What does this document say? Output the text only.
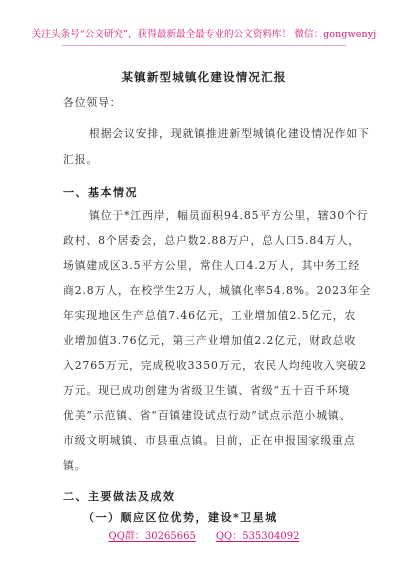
关注头条号“公文研究”，获得最新最全最专业的公文资料库！ 微信：gongwenyj
某镇新型城镇化建设情况汇报
各位领导：
根据会议安排，现就镇推进新型城镇化建设情况作如下
汇报。
一、基本情况
镇位于*江西岸，幅员面积94.85平方公里，辖30个行
政村、8个居委会，总户数2.88万户，总人口5.84万人，
场镇建成区3.5平方公里，常住人口4.2万人，其中务工经
商2.8万人，在校学生2万人，城镇化率54.8%。2023年全
年实现地区生产总值7.46亿元，工业增加值2.5亿元，农
业增加值3.76亿元，第三产业增加值2.2亿元，财政总收
入2765万元，完成税收3350万元，农民人均纯收入突破2
万元。现已成功创建为省级卫生镇、省级“五十百千环境
优美”示范镇、省“百镇建设试点行动”试点示范小城镇、
市级文明城镇、市县重点镇。目前，正在申报国家级重点
镇。
二、主要做法及成效
（一）顺应区位优势，建设*卫星城
QQ群：30265665 QQ：535304092
